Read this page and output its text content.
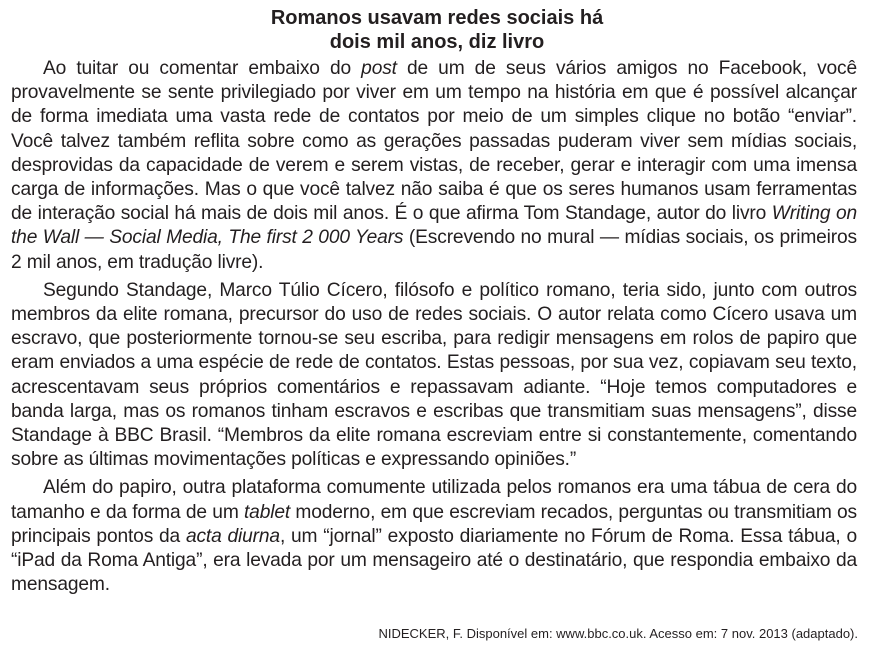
Romanos usavam redes sociais há
dois mil anos, diz livro

Ao tuitar ou comentar embaixo do post de um de seus vários amigos no Facebook, você provavelmente se sente privilegiado por viver em um tempo na história em que é possível alcançar de forma imediata uma vasta rede de contatos por meio de um simples clique no botão “enviar”. Você talvez também reflita sobre como as gerações passadas puderam viver sem mídias sociais, desprovidas da capacidade de verem e serem vistas, de receber, gerar e interagir com uma imensa carga de informações. Mas o que você talvez não saiba é que os seres humanos usam ferramentas de interação social há mais de dois mil anos. É o que afirma Tom Standage, autor do livro Writing on the Wall — Social Media, The first 2 000 Years (Escrevendo no mural — mídias sociais, os primeiros 2 mil anos, em tradução livre).

Segundo Standage, Marco Túlio Cícero, filósofo e político romano, teria sido, junto com outros membros da elite romana, precursor do uso de redes sociais. O autor relata como Cícero usava um escravo, que posteriormente tornou-se seu escriba, para redigir mensagens em rolos de papiro que eram enviados a uma espécie de rede de contatos. Estas pessoas, por sua vez, copiavam seu texto, acrescentavam seus próprios comentários e repassavam adiante. “Hoje temos computadores e banda larga, mas os romanos tinham escravos e escribas que transmitiam suas mensagens”, disse Standage à BBC Brasil. “Membros da elite romana escreviam entre si constantemente, comentando sobre as últimas movimentações políticas e expressando opiniões.”

Além do papiro, outra plataforma comumente utilizada pelos romanos era uma tábua de cera do tamanho e da forma de um tablet moderno, em que escreviam recados, perguntas ou transmitiam os principais pontos da acta diurna, um “jornal” exposto diariamente no Fórum de Roma. Essa tábua, o “iPad da Roma Antiga”, era levada por um mensageiro até o destinatário, que respondia embaixo da mensagem.

NIDECKER, F. Disponível em: www.bbc.co.uk. Acesso em: 7 nov. 2013 (adaptado).
